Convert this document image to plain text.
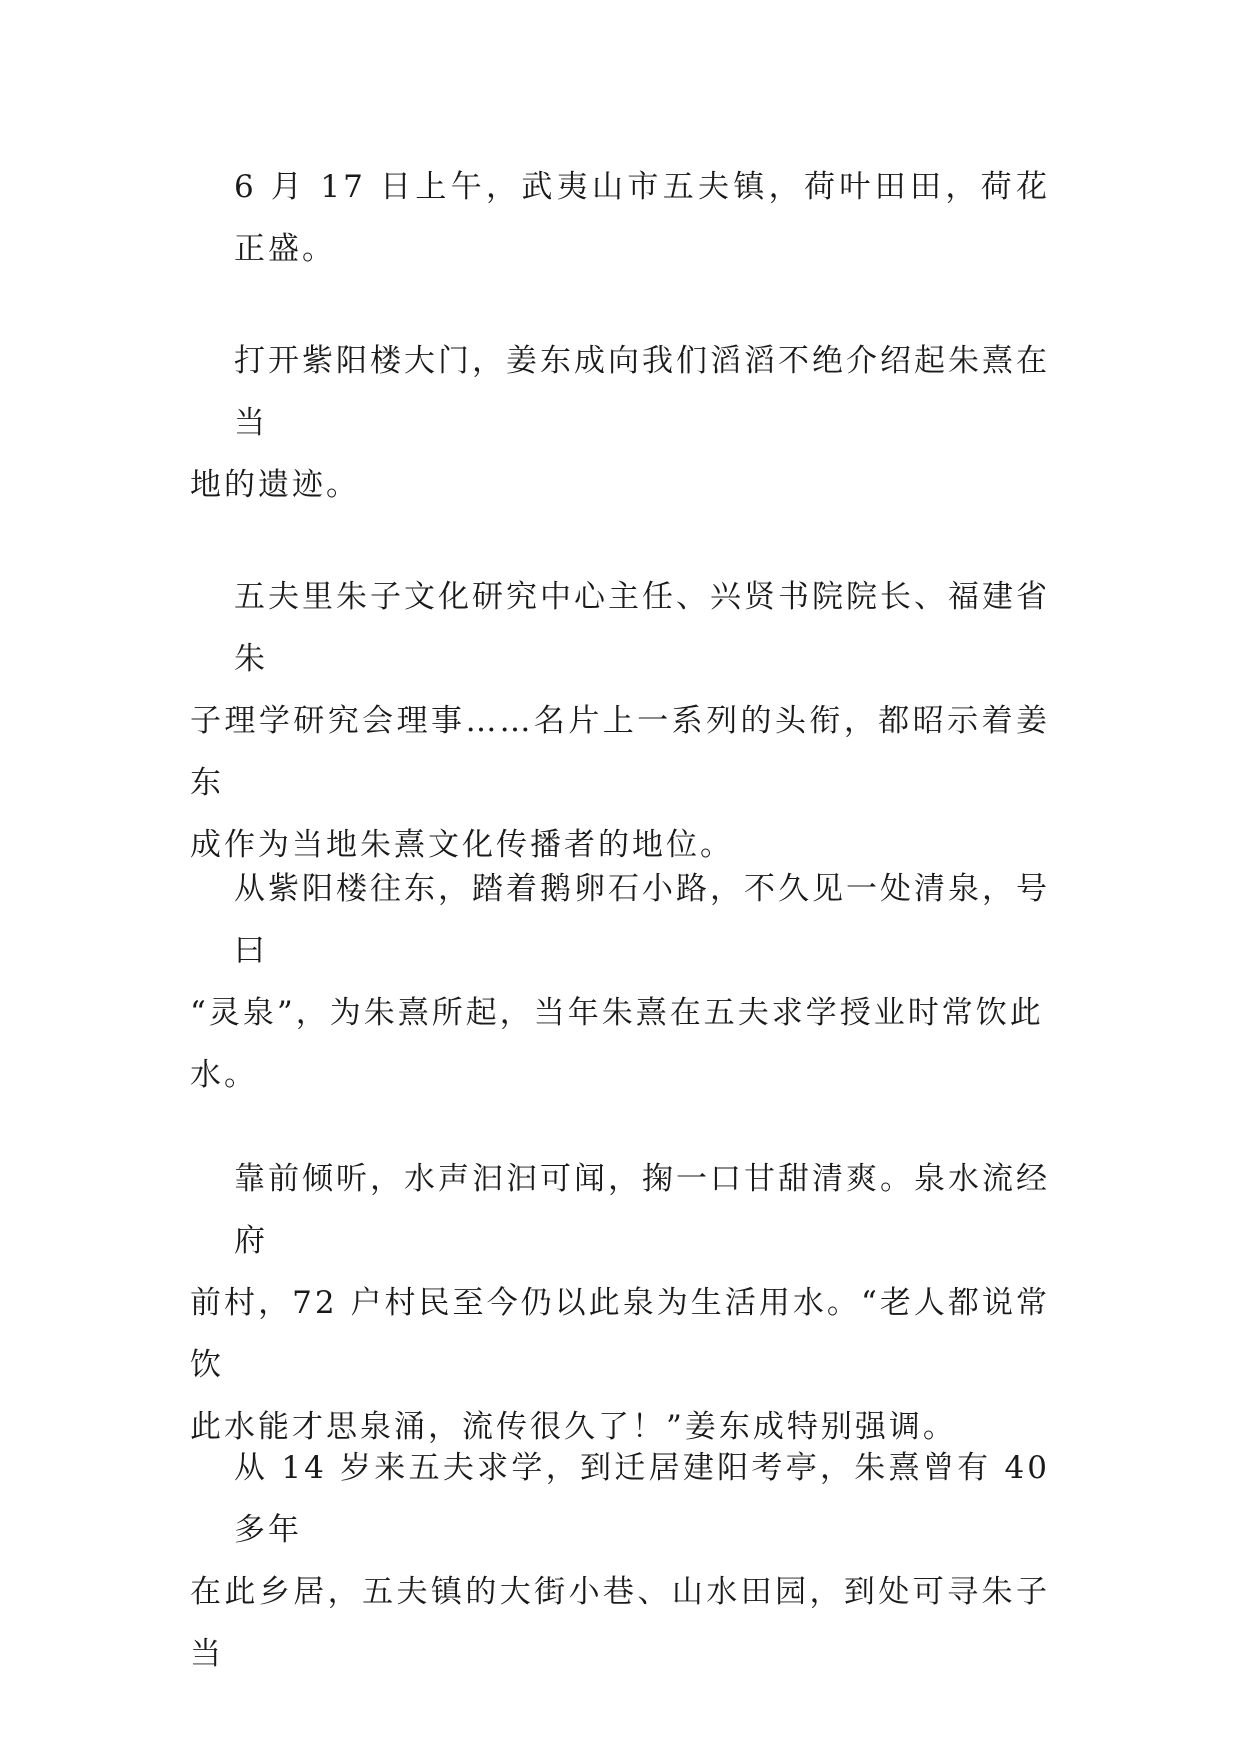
6 月 17 日上午，武夷山市五夫镇，荷叶田田，荷花正盛。

打开紫阳楼大门，姜东成向我们滔滔不绝介绍起朱熹在当
地的遗迹。

五夫里朱子文化研究中心主任、兴贤书院院长、福建省朱
子理学研究会理事……名片上一系列的头衔，都昭示着姜东
成作为当地朱熹文化传播者的地位。

从紫阳楼往东，踏着鹅卵石小路，不久见一处清泉，号曰
“灵泉”，为朱熹所起，当年朱熹在五夫求学授业时常饮此
水。

靠前倾听，水声汩汩可闻，掬一口甘甜清爽。泉水流经府
前村，72 户村民至今仍以此泉为生活用水。“老人都说常饮
此水能才思泉涌，流传很久了！”姜东成特别强调。

从 14 岁来五夫求学，到迁居建阳考亭，朱熹曾有 40 多年
在此乡居，五夫镇的大街小巷、山水田园，到处可寻朱子当
